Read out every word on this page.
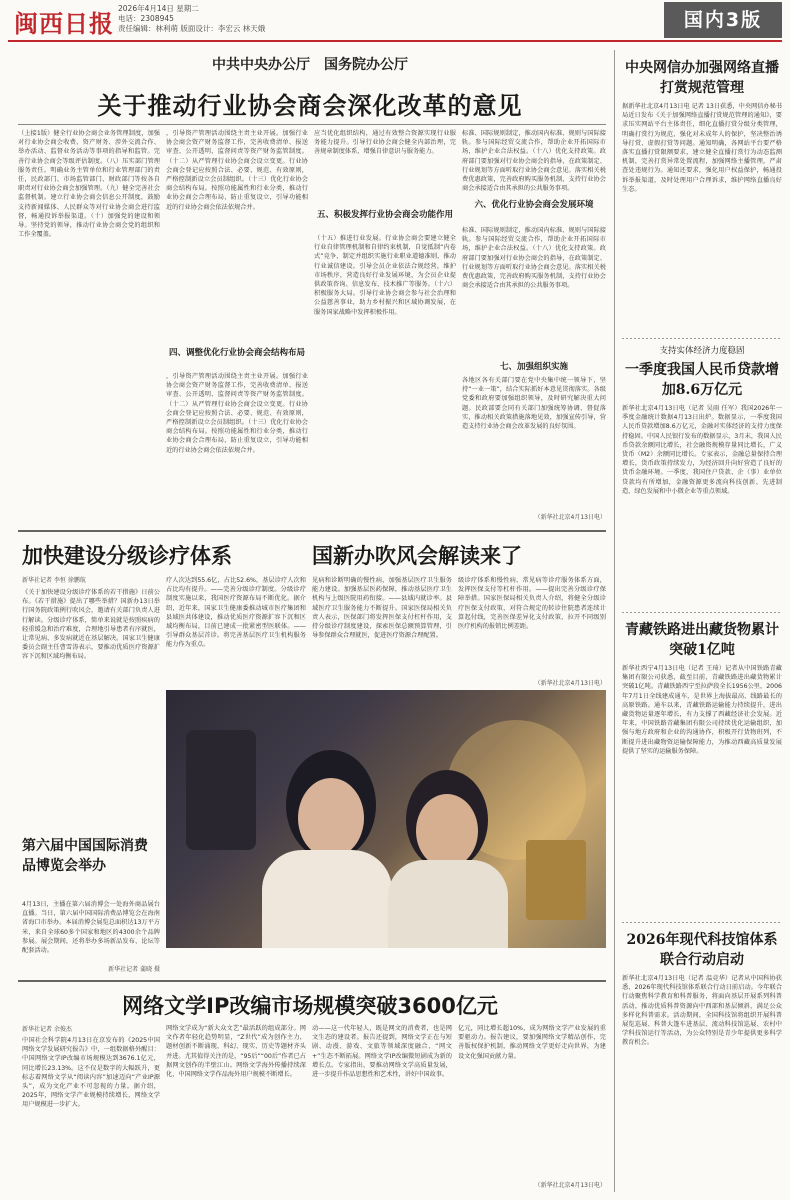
闽西日报
2026年4月14日 星期二
电话：2308945
责任编辑：林利萌 版面设计：李宏云 林天娥	国内3版
中共中央办公厅　国务院办公厅
关于推动行业协会商会深化改革的意见
（上接1版）健全行业协会商会业务管理制度，加强对行业协会商会收费、资产财务、涉外交流合作、举办活动、监督业务活动等事项的指导和监管。完善行业协会商会等级评估制度。（八）压实部门管理服务责任。明确业务主管单位和行业管理部门的责任，民政部门、市场监管部门、财政部门等按各自职责对行业协会商会加强管理。（九）健全完善社会监督机制。建立行业协会商会信息公开制度，鼓励支持新闻媒体、人民群众等对行业协会商会进行监督，畅通投诉举报渠道。（十）加强党的建设和领导。坚持党的领导，推动行业协会商会党的组织和工作全覆盖。
，引导资产管理活动围绕主责主业开展。加强行业协会商会资产财务监督工作，完善收费清单、报送审查、公开透明、监督问责等资产财务监管制度。（十二）从严管理行业协会商会设立变更。行业协会商会登记应按照合法、必要、规范、有效原则，严格控制新设立会员制组织。（十三）优化行业协会商会结构布局。按照功能属性和行业分类，推动行业协会商会合理布局，防止重复设立，引导功能相近的行业协会商会依法依规合并。
四、调整优化行业协会商会结构布局
，引导资产管理活动围绕主责主业开展。加强行业协会商会资产财务监督工作，完善收费清单、报送审查、公开透明、监督问责等资产财务监管制度。（十二）从严管理行业协会商会设立变更。行业协会商会登记应按照合法、必要、规范、有效原则，严格控制新设立会员制组织。（十三）优化行业协会商会结构布局。按照功能属性和行业分类，推动行业协会商会合理布局，防止重复设立，引导功能相近的行业协会商会依法依规合并。
应当优化组织结构，通过有效整合资源实现行业服务能力提升。引导行业协会商会健全内部治理，完善规章制度体系，增强自律意识与服务能力。
五、积极发挥行业协会商会功能作用
（十五）推进行业发展。行业协会商会要建立健全行业自律管理机制和自律约束机制，自觉抵制“内卷式”竞争，制定并组织实施行业职业道德准则，推动行业诚信建设。引导会员企业依法合规经营，维护市场秩序，营造良好行业发展环境，为会员企业提供政策咨询、信息发布、技术推广等服务。（十六）积极服务大局。引导行业协会商会参与社会治理和公益慈善事业，助力乡村振兴和区域协调发展，在服务国家战略中发挥积极作用。
标准、国际规则制定，推动国内标准、规则与国际接轨。参与国际经贸交流合作，帮助企业开拓国际市场，维护企业合法权益。（十八）优化支持政策。政府部门要加强对行业协会商会的指导，在政策制定、行业规划等方面听取行业协会商会意见。落实相关税费优惠政策，完善政府购买服务机制，支持行业协会商会承接适合由其承担的公共服务事项。
六、优化行业协会商会发展环境
标准、国际规则制定，推动国内标准、规则与国际接轨。参与国际经贸交流合作，帮助企业开拓国际市场，维护企业合法权益。（十八）优化支持政策。政府部门要加强对行业协会商会的指导，在政策制定、行业规划等方面听取行业协会商会意见。落实相关税费优惠政策，完善政府购买服务机制，支持行业协会商会承接适合由其承担的公共服务事项。
七、加强组织实施
各地区各有关部门要在党中央集中统一领导下，坚持“一业一策”，结合实际抓好本意见贯彻落实。各级党委和政府要加强组织领导，及时研究解决重大问题。民政部要会同有关部门加强统筹协调、督促落实，推动相关政策措施落地见效，加强宣传引导，营造支持行业协会商会改革发展的良好氛围。
（新华社北京4月13日电）
加快建设分级诊疗体系	国新办吹风会解读来了
新华社记者 李恒 徐鹏航
《关于加快建设分级诊疗体系的若干措施》日前公布。《若干措施》提出了哪些举措？国新办13日举行国务院政策例行吹风会，邀请有关部门负责人进行解读。分级诊疗体系，简单来说就是按照疾病的轻重缓急和治疗难度，合理地引导患者有序就医，让常见病、多发病就近在基层解决。国家卫生健康委员会副主任曹雪涛表示，要推动优质医疗资源扩容下沉和区域均衡布局。
疗人次达到55.6亿，占比52.6%，基层诊疗人次和占比均有提升。——完善分级诊疗制度。分级诊疗制度实施以来，我国医疗资源布局不断优化。据介绍，近年来，国家卫生健康委推动城市医疗集团和县域医共体建设，推动优质医疗资源扩容下沉和区域均衡布局，目前已建成一批紧密型医联体。——引导群众基层首诊。将完善基层医疗卫生机构服务能力作为重点。
见病和诊断明确的慢性病，加强基层医疗卫生服务能力建设。加强基层医药保障，推动基层医疗卫生机构与上级医院用药衔接。——县域内就诊率。县域医疗卫生服务能力不断提升。国家医保局相关负责人表示，医保部门将发挥医保支付杠杆作用，支持分级诊疗制度建设，探索医保总额预算管理，引导参保群众合理就医，促进医疗资源合理配置。
级诊疗体系和慢性病、常见病等诊疗服务体系方面，发挥医保支付等杠杆作用。——提出完善分级诊疗保障举措。国家医保局相关负责人介绍，将健全分级诊疗医保支付政策，对符合规定的转诊住院患者连续计算起付线，完善医保差异化支付政策，拉开不同级别医疗机构的报销比例差距。
（新华社北京4月13日电）
第六届中国国际消费品博览会举办
4月13日，主播在第六届消博会一处海外商品展台直播。当日，第六届中国国际消费品博览会在海南省海口市举办。本届消博会展览总面积达13万平方米，来自全球60多个国家和地区的4300余个品牌参展。展会期间，还将举办多场新品发布、论坛等配套活动。
新华社记者 蒲晓 摄
网络文学IP改编市场规模突破3600亿元
新华社记者 余俊杰
中国社会科学院4月13日在京发布的《2025中国网络文学发展研究报告》中，一组数据格外醒目：中国网络文学IP改编市场规模达到3676.1亿元，同比增长23.13%。这不仅是数字的大幅跃升，更标志着网络文学从“阅读内容”加速迈向“产业IP源头”，成为文化产业不可忽视的力量。据介绍，2025年，网络文学产业规模持续增长，网络文学用户规模进一步扩大。
网络文学成为“新大众文艺”最活跃的组成部分。网文作者年轻化趋势明显，“Z世代”成为创作主力，题材创新不断涌现，科幻、现实、历史等题材齐头并进。尤其值得关注的是，“95后”“00后”作者已占据网文创作的半壁江山。网络文学海外传播持续深化，中国网络文学作品海外用户规模不断增长。
动——这一代年轻人，既是网文的消费者，也是网文生态的建设者。报告还提到，网络文学正在与短剧、动漫、游戏、文旅等领域深度融合，“网文+”生态不断拓展。网络文学IP改编微短剧成为新的增长点。专家指出，要推动网络文学高质量发展，进一步提升作品思想性和艺术性，讲好中国故事。
亿元，同比增长超10%，成为网络文学产业发展的重要驱动力。报告建议，要加强网络文学精品创作，完善版权保护机制，推动网络文学更好走向世界，为建设文化强国贡献力量。
（新华社北京4月13日电）
中央网信办加强网络直播打赏规范管理
据新华社北京4月13日电 记者 13日获悉，中央网信办秘书局近日发布《关于加强网络直播打赏规范管理的通知》，要求压实网站平台主体责任，细化直播打赏分级分类管理，明确打赏行为规范，强化对未成年人的保护，坚决整治诱导打赏、虚假打赏等问题。通知明确，各网站平台要严格落实直播打赏限额要求，建立健全直播打赏行为动态监测机制，完善打赏异常处置流程，加强网络主播管理，严肃查处违规行为。通知还要求，强化用户权益保护，畅通投诉举报渠道，及时处理用户合理诉求，维护网络直播良好生态。
支持实体经济力度稳固
一季度我国人民币贷款增加8.6万亿元
新华社北京4月13日电（记者 吴雨 任军）我国2026年一季度金融统计数据4月13日出炉。数据显示，一季度我国人民币贷款增加8.6万亿元，金融对实体经济的支持力度保持稳固。中国人民银行发布的数据显示，3月末，我国人民币贷款余额同比增长，社会融资规模存量同比增长，广义货币（M2）余额同比增长。专家表示，金融总量保持合理增长，货币政策持续发力，为经济回升向好营造了良好的货币金融环境。一季度，我国住户贷款、企（事）业单位贷款均有所增加，金融资源更多流向科技创新、先进制造、绿色发展和中小微企业等重点领域。
青藏铁路进出藏货物累计突破1亿吨
新华社西宁4月13日电（记者 王琦）记者从中国铁路青藏集团有限公司获悉，截至目前，青藏铁路进出藏货物累计突破1亿吨。青藏铁路西宁至拉萨段全长1956公里，2006年7月1日全线建成通车，是世界上海拔最高、线路最长的高原铁路。通车以来，青藏铁路运输能力持续提升，进出藏货物运量逐年增长，有力支撑了西藏经济社会发展。近年来，中国铁路青藏集团有限公司持续优化运输组织，加强与地方政府和企业的沟通协作，积极开行货物班列，不断提升进出藏物资运输保障能力，为推动西藏高质量发展提供了坚实的运输服务保障。
2026年现代科技馆体系联合行动启动
新华社北京4月13日电（记者 温竞华）记者从中国科协获悉，2026年现代科技馆体系联合行动日前启动。今年联合行动聚焦科学教育和科普服务，将面向基层开展系列科普活动，推动优质科普资源向中西部和基层倾斜，满足公众多样化科普需求。活动期间，全国科技馆将组织开展科普展览巡展、科普大篷车进基层、流动科技馆巡展、农村中学科技馆运行等活动，为公众特别是青少年提供更多科学教育机会。
